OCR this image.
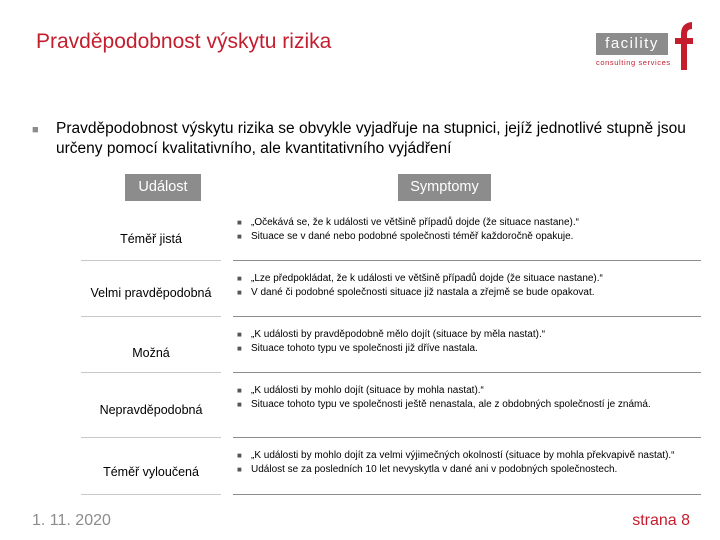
Pravděpodobnost výskytu rizika	facility
consulting services
■ Pravděpodobnost výskytu rizika se obvykle vyjadřuje na stupnici, jejíž jednotlivé stupně jsou určeny pomocí kvalitativního, ale kvantitativního vyjádření
Událost	Symptomy
Téměř jistá
■ „Očekává se, že k události ve většině případů dojde (že situace nastane).“
■ Situace se v dané nebo podobné společnosti téměř každoročně opakuje.
Velmi pravděpodobná
■ „Lze předpokládat, že k události ve většině případů dojde (že situace nastane).“
■ V dané či podobné společnosti situace již nastala a zřejmě se bude opakovat.
Možná
■ „K události by pravděpodobně mělo dojít (situace by měla nastat).“
■ Situace tohoto typu ve společnosti již dříve nastala.
Nepravděpodobná
■ „K události by mohlo dojít (situace by mohla nastat).“
■ Situace tohoto typu ve společnosti ještě nenastala, ale z obdobných společností je známá.
Téměř vyloučená
■ „K události by mohlo dojít za velmi výjimečných okolností (situace by mohla překvapivě nastat).“
■ Událost se za posledních 10 let nevyskytla v dané ani v podobných společnostech.
1. 11. 2020	strana 8
